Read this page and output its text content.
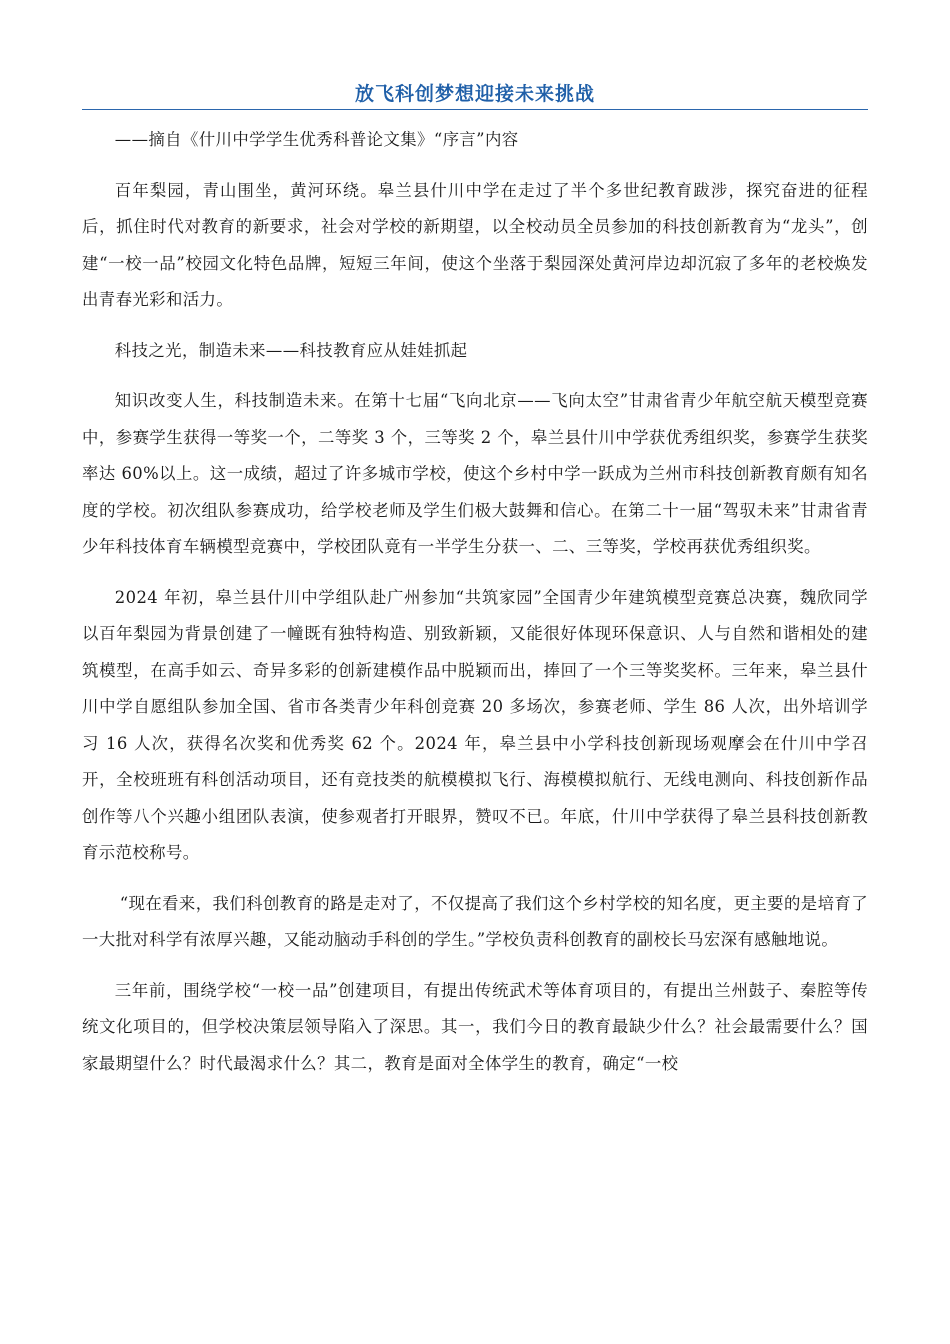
放飞科创梦想迎接未来挑战

——摘自《什川中学学生优秀科普论文集》“序言”内容

百年梨园，青山围坐，黄河环绕。皋兰县什川中学在走过了半个多世纪教育跋涉，探究奋进的征程后，抓住时代对教育的新要求，社会对学校的新期望，以全校动员全员参加的科技创新教育为“龙头”，创建“一校一品”校园文化特色品牌，短短三年间，使这个坐落于梨园深处黄河岸边却沉寂了多年的老校焕发出青春光彩和活力。

科技之光，制造未来——科技教育应从娃娃抓起

知识改变人生，科技制造未来。在第十七届“飞向北京——飞向太空”甘肃省青少年航空航天模型竞赛中，参赛学生获得一等奖一个，二等奖 3 个，三等奖 2 个，皋兰县什川中学获优秀组织奖，参赛学生获奖率达 60%以上。这一成绩，超过了许多城市学校，使这个乡村中学一跃成为兰州市科技创新教育颇有知名度的学校。初次组队参赛成功，给学校老师及学生们极大鼓舞和信心。在第二十一届“驾驭未来”甘肃省青少年科技体育车辆模型竞赛中，学校团队竟有一半学生分获一、二、三等奖，学校再获优秀组织奖。

2024 年初，皋兰县什川中学组队赴广州参加“共筑家园”全国青少年建筑模型竞赛总决赛，魏欣同学以百年梨园为背景创建了一幢既有独特构造、别致新颖，又能很好体现环保意识、人与自然和谐相处的建筑模型，在高手如云、奇异多彩的创新建模作品中脱颖而出，捧回了一个三等奖奖杯。三年来，皋兰县什川中学自愿组队参加全国、省市各类青少年科创竞赛 20 多场次，参赛老师、学生 86 人次，出外培训学习 16 人次，获得名次奖和优秀奖 62 个。2024 年，皋兰县中小学科技创新现场观摩会在什川中学召开，全校班班有科创活动项目，还有竞技类的航模模拟飞行、海模模拟航行、无线电测向、科技创新作品创作等八个兴趣小组团队表演，使参观者打开眼界，赞叹不已。年底，什川中学获得了皋兰县科技创新教育示范校称号。

“现在看来，我们科创教育的路是走对了，不仅提高了我们这个乡村学校的知名度，更主要的是培育了一大批对科学有浓厚兴趣，又能动脑动手科创的学生。”学校负责科创教育的副校长马宏深有感触地说。

三年前，围绕学校“一校一品”创建项目，有提出传统武术等体育项目的，有提出兰州鼓子、秦腔等传统文化项目的，但学校决策层领导陷入了深思。其一，我们今日的教育最缺少什么？社会最需要什么？国家最期望什么？时代最渴求什么？其二，教育是面对全体学生的教育，确定“一校
